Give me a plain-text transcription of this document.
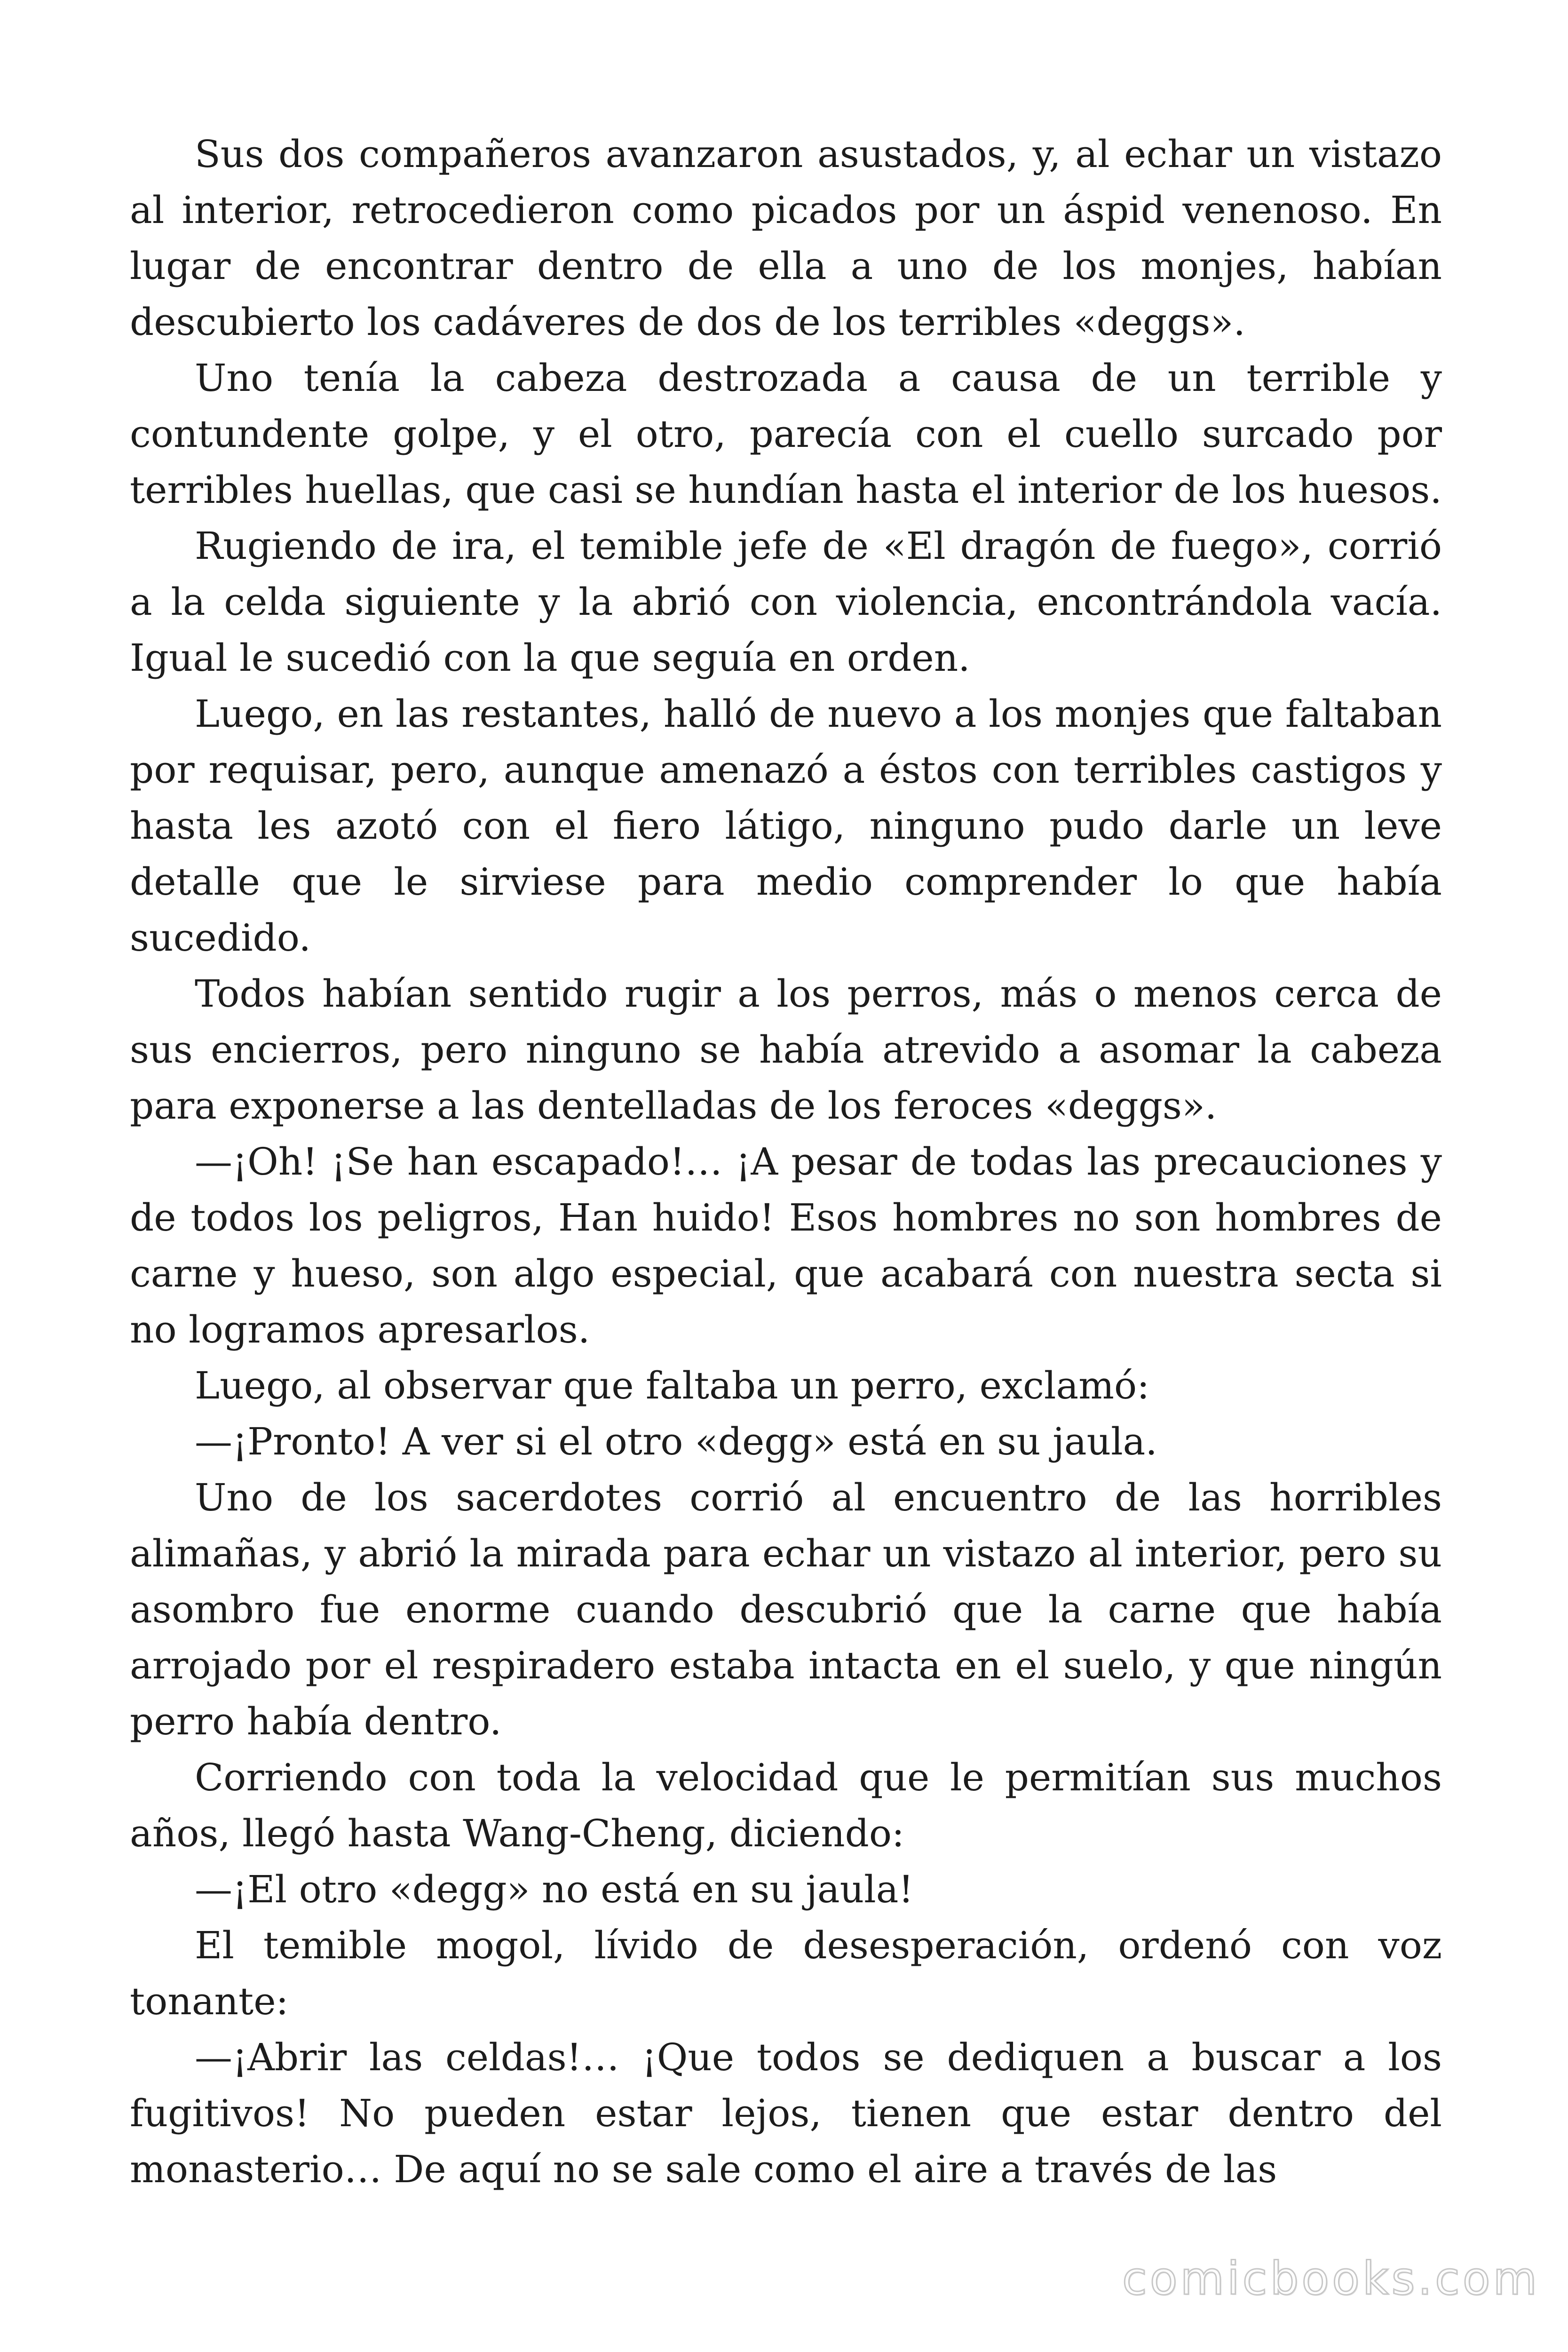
Sus dos compañeros avanzaron asustados, y, al echar un vistazo al interior, retrocedieron como picados por un áspid venenoso. En lugar de encontrar dentro de ella a uno de los monjes, habían descubierto los cadáveres de dos de los terribles «deggs».

Uno tenía la cabeza destrozada a causa de un terrible y contundente golpe, y el otro, parecía con el cuello surcado por terribles huellas, que casi se hundían hasta el interior de los huesos.

Rugiendo de ira, el temible jefe de «El dragón de fuego», corrió a la celda siguiente y la abrió con violencia, encontrándola vacía. Igual le sucedió con la que seguía en orden.

Luego, en las restantes, halló de nuevo a los monjes que faltaban por requisar, pero, aunque amenazó a éstos con terribles castigos y hasta les azotó con el fiero látigo, ninguno pudo darle un leve detalle que le sirviese para medio comprender lo que había sucedido.

Todos habían sentido rugir a los perros, más o menos cerca de sus encierros, pero ninguno se había atrevido a asomar la cabeza para exponerse a las dentelladas de los feroces «deggs».

—¡Oh! ¡Se han escapado!… ¡A pesar de todas las precauciones y de todos los peligros, Han huido! Esos hombres no son hombres de carne y hueso, son algo especial, que acabará con nuestra secta si no logramos apresarlos.

Luego, al observar que faltaba un perro, exclamó:

—¡Pronto! A ver si el otro «degg» está en su jaula.

Uno de los sacerdotes corrió al encuentro de las horribles alimañas, y abrió la mirada para echar un vistazo al interior, pero su asombro fue enorme cuando descubrió que la carne que había arrojado por el respiradero estaba intacta en el suelo, y que ningún perro había dentro.

Corriendo con toda la velocidad que le permitían sus muchos años, llegó hasta Wang-Cheng, diciendo:

—¡El otro «degg» no está en su jaula!

El temible mogol, lívido de desesperación, ordenó con voz tonante:

—¡Abrir las celdas!… ¡Que todos se dediquen a buscar a los fugitivos! No pueden estar lejos, tienen que estar dentro del monasterio… De aquí no se sale como el aire a través de las

comicbooks.com
